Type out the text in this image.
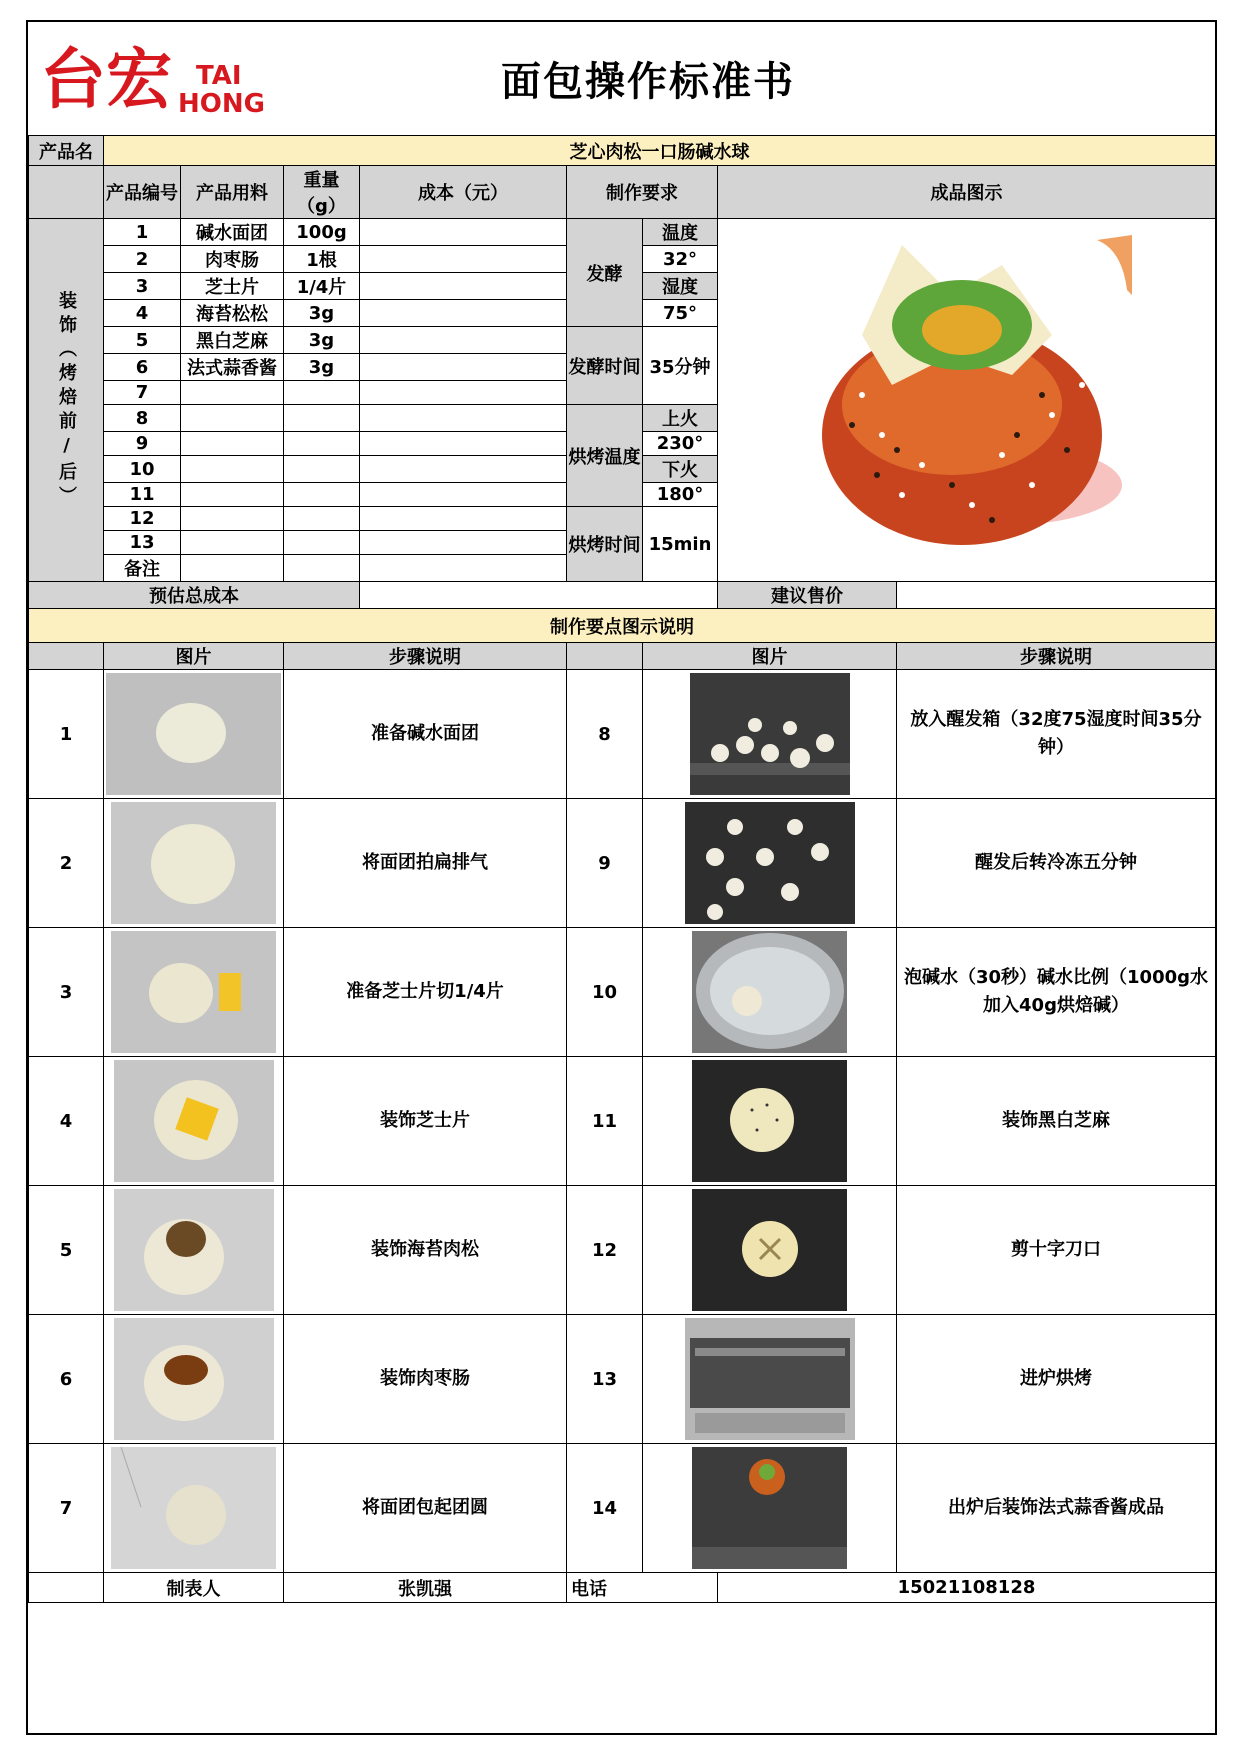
台宏 TAI
HONG	面包操作标准书
产品名	芝心肉松一口肠碱水球							
	产品编号	产品用料	重量（g）	成本（元）	制作要求		成品图示	
装饰（烤焙前/后）	1	碱水面团	100g		发酵	温度	

	2	肉枣肠	1根			32°		
	3	芝士片	1/4片			湿度		
	4	海苔松松	3g			75°		
	5	黑白芝麻	3g		发酵时间	35分钟		
	6	法式蒜香酱	3g					
	7							
	8				烘烤温度	上火		
	9					230°		
	10					下火		
	11					180°		
	12				烘烤时间	15min		
	13							
	备注							
预估总成本							建议售价	
制作要点图示说明								
	图片		步骤说明			图片		步骤说明
1			准备碱水面团		8			放入醒发箱（32度75湿度时间35分钟）
2			将面团拍扁排气		9			醒发后转冷冻五分钟
3			准备芝士片切1/4片		10			泡碱水（30秒）碱水比例（1000g水加入40g烘焙碱）
4			装饰芝士片		11			装饰黑白芝麻
5			装饰海苔肉松		12			剪十字刀口
6			装饰肉枣肠		13			进炉烘烤
7			将面团包起团圆		14			出炉后装饰法式蒜香酱成品
	制表人		张凯强		电话		15021108128	
